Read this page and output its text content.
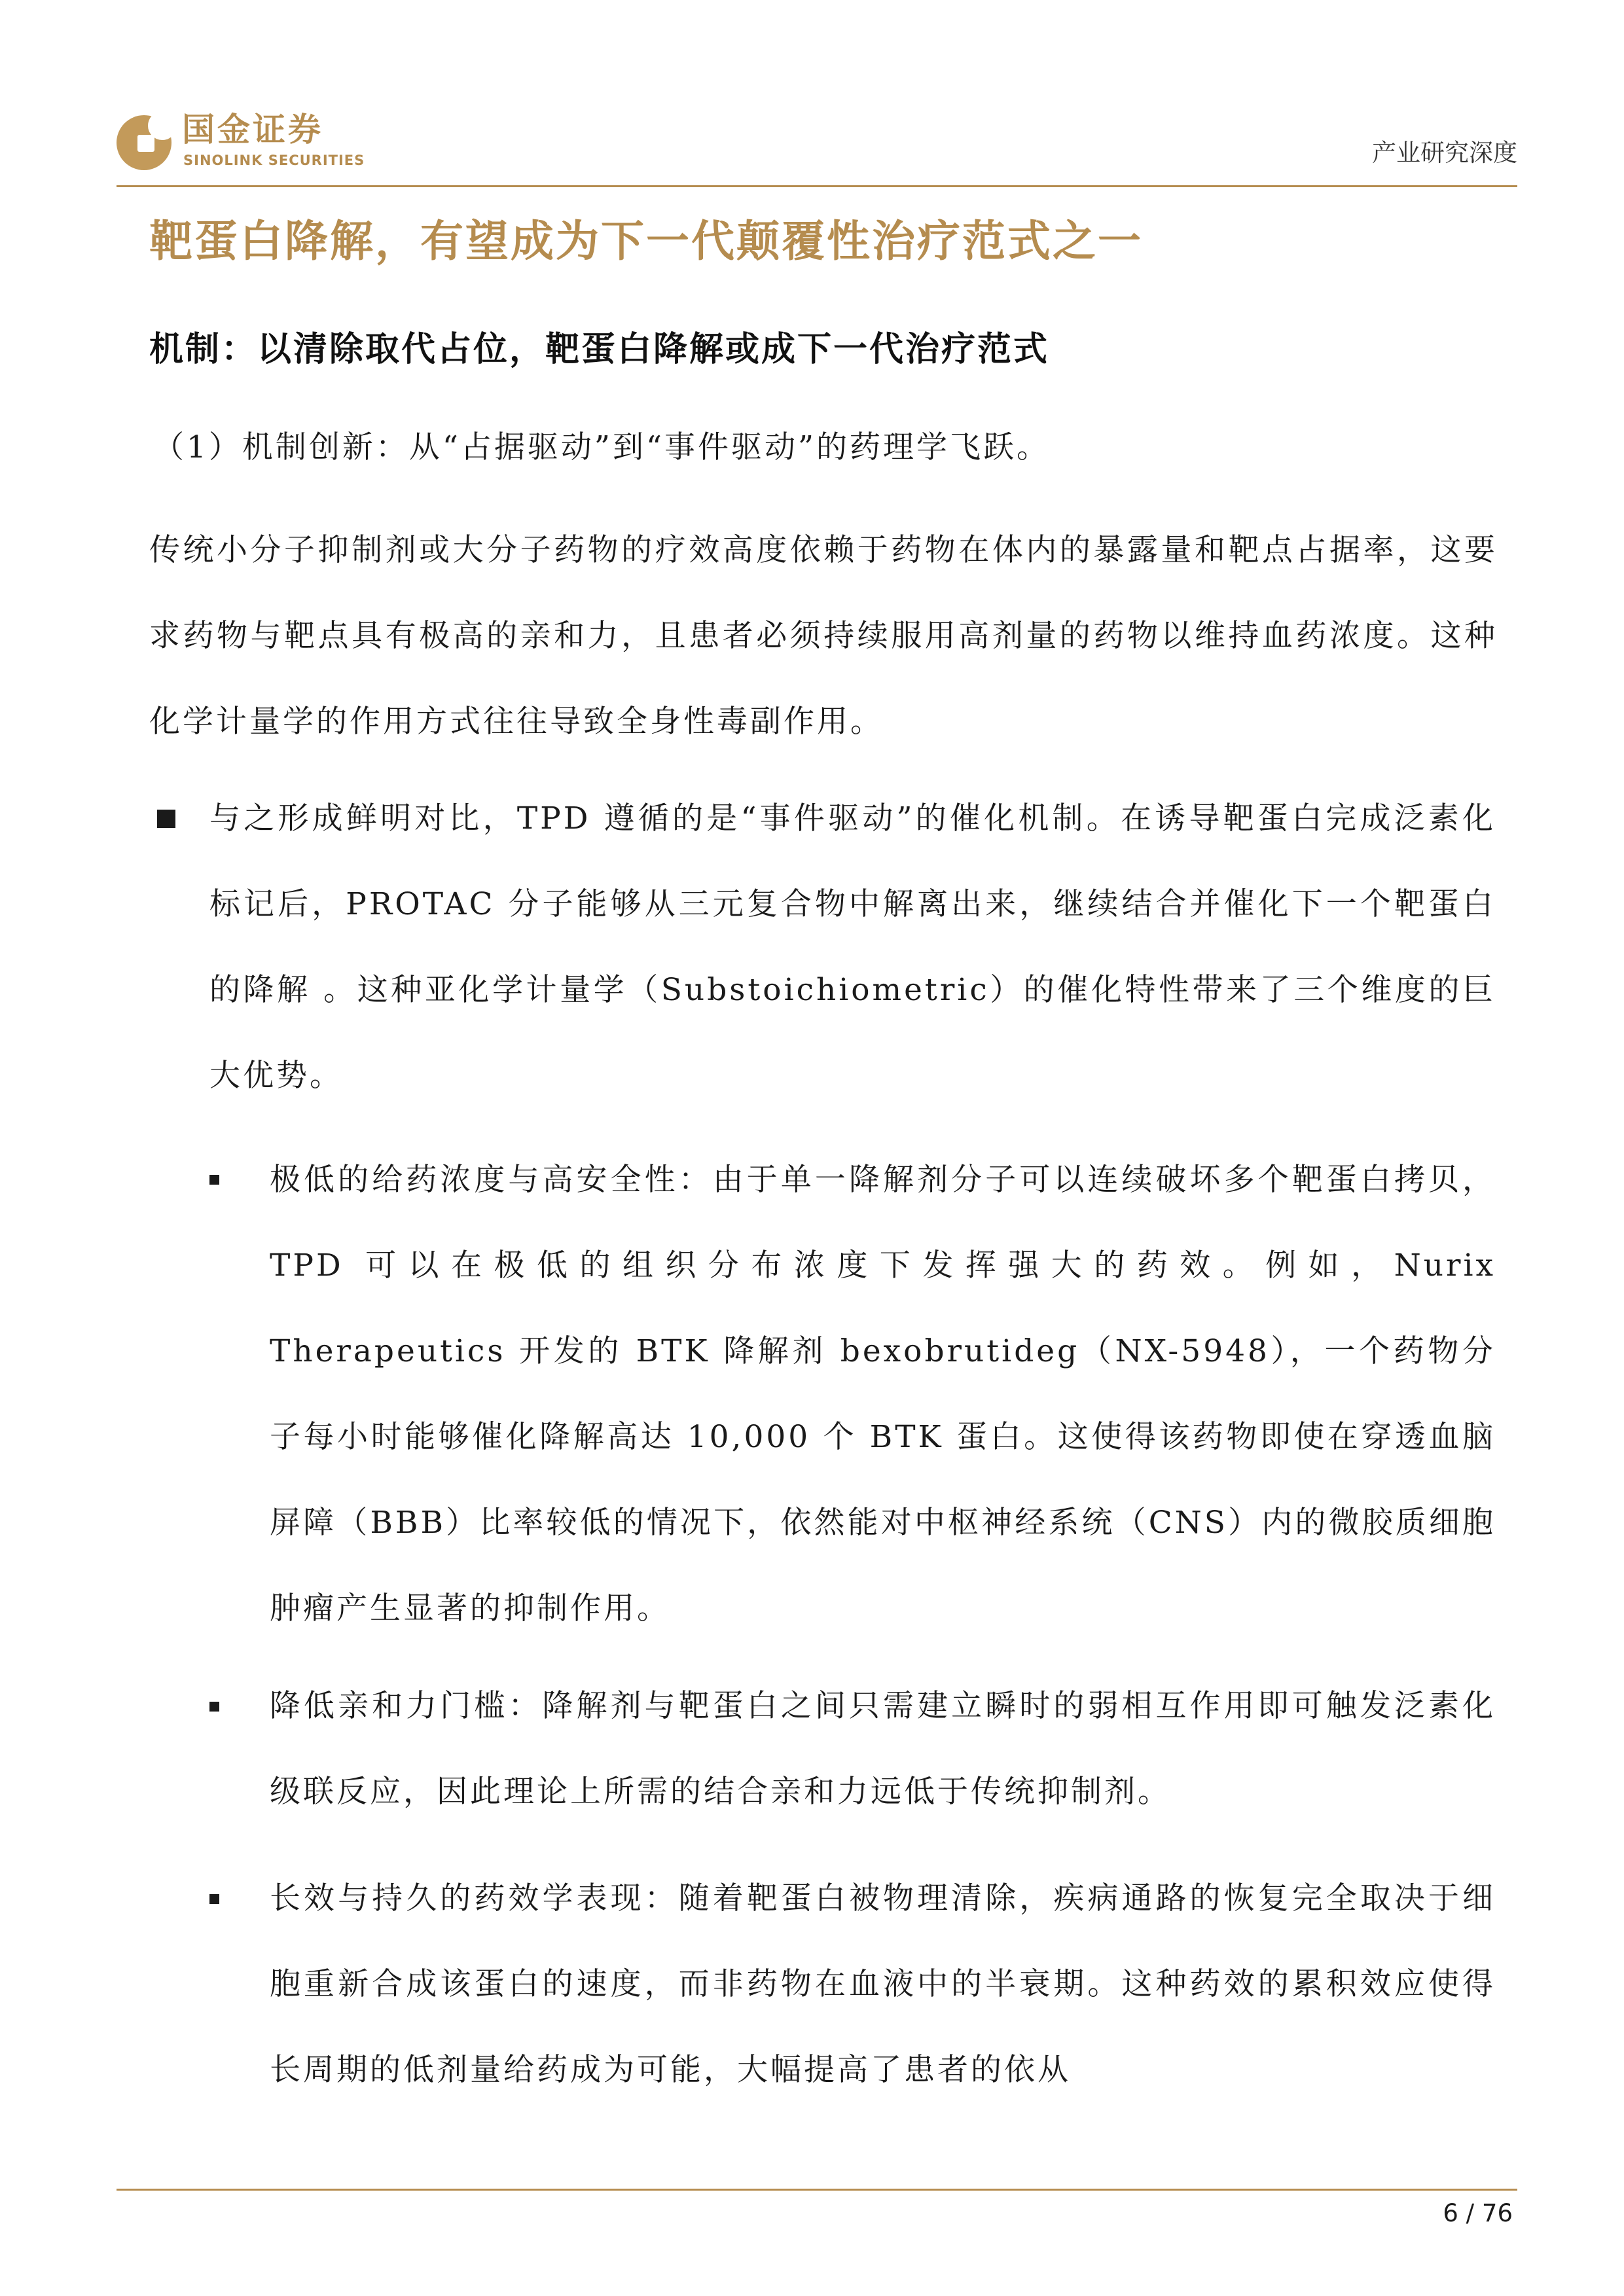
国金证券
SINOLINK SECURITIES	产业研究深度
靶蛋白降解，有望成为下一代颠覆性治疗范式之一
机制：以清除取代占位，靶蛋白降解或成下一代治疗范式
（1）机制创新：从“占据驱动”到“事件驱动”的药理学飞跃。
传统小分子抑制剂或大分子药物的疗效高度依赖于药物在体内的暴露量和靶点占据率，这要求药物与靶点具有极高的亲和力，且患者必须持续服用高剂量的药物以维持血药浓度。这种化学计量学的作用方式往往导致全身性毒副作用。
与之形成鲜明对比，TPD 遵循的是“事件驱动”的催化机制。在诱导靶蛋白完成泛素化标记后，PROTAC 分子能够从三元复合物中解离出来，继续结合并催化下一个靶蛋白的降解 。这种亚化学计量学（Substoichiometric）的催化特性带来了三个维度的巨大优势。
极低的给药浓度与高安全性：由于单一降解剂分子可以连续破坏多个靶蛋白拷贝，TPD 可以在极低的组织分布浓度下发挥强大的药效。例如，Nurix Therapeutics 开发的 BTK 降解剂 bexobrutideg（NX-5948），一个药物分子每小时能够催化降解高达 10,000 个 BTK 蛋白。这使得该药物即使在穿透血脑屏障（BBB）比率较低的情况下，依然能对中枢神经系统（CNS）内的微胶质细胞肿瘤产生显著的抑制作用。
降低亲和力门槛：降解剂与靶蛋白之间只需建立瞬时的弱相互作用即可触发泛素化级联反应，因此理论上所需的结合亲和力远低于传统抑制剂。
长效与持久的药效学表现：随着靶蛋白被物理清除，疾病通路的恢复完全取决于细胞重新合成该蛋白的速度，而非药物在血液中的半衰期。这种药效的累积效应使得长周期的低剂量给药成为可能，大幅提高了患者的依从
6 / 76
